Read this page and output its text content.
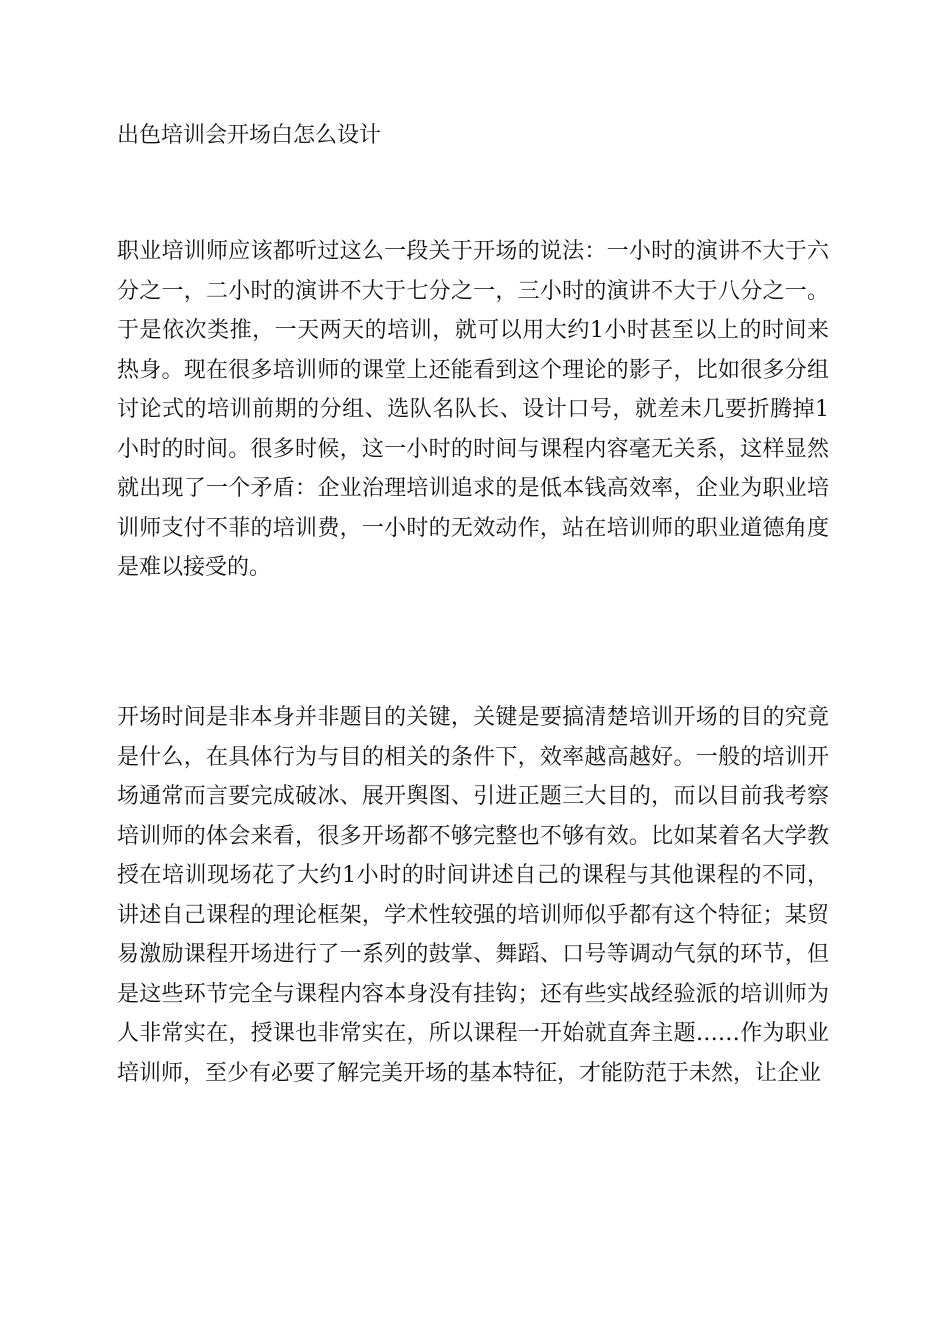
出色培训会开场白怎么设计

职业培训师应该都听过这么一段关于开场的说法：一小时的演讲不大于六分之一，二小时的演讲不大于七分之一，三小时的演讲不大于八分之一。于是依次类推，一天两天的培训，就可以用大约1小时甚至以上的时间来热身。现在很多培训师的课堂上还能看到这个理论的影子，比如很多分组讨论式的培训前期的分组、选队名队长、设计口号，就差未几要折腾掉1小时的时间。很多时候，这一小时的时间与课程内容毫无关系，这样显然就出现了一个矛盾：企业治理培训追求的是低本钱高效率，企业为职业培训师支付不菲的培训费，一小时的无效动作，站在培训师的职业道德角度是难以接受的。

开场时间是非本身并非题目的关键，关键是要搞清楚培训开场的目的究竟是什么，在具体行为与目的相关的条件下，效率越高越好。一般的培训开场通常而言要完成破冰、展开舆图、引进正题三大目的，而以目前我考察培训师的体会来看，很多开场都不够完整也不够有效。比如某着名大学教授在培训现场花了大约1小时的时间讲述自己的课程与其他课程的不同，讲述自己课程的理论框架，学术性较强的培训师似乎都有这个特征；某贸易激励课程开场进行了一系列的鼓掌、舞蹈、口号等调动气氛的环节，但是这些环节完全与课程内容本身没有挂钩；还有些实战经验派的培训师为人非常实在，授课也非常实在，所以课程一开始就直奔主题……作为职业培训师，至少有必要了解完美开场的基本特征，才能防范于未然，让企业
